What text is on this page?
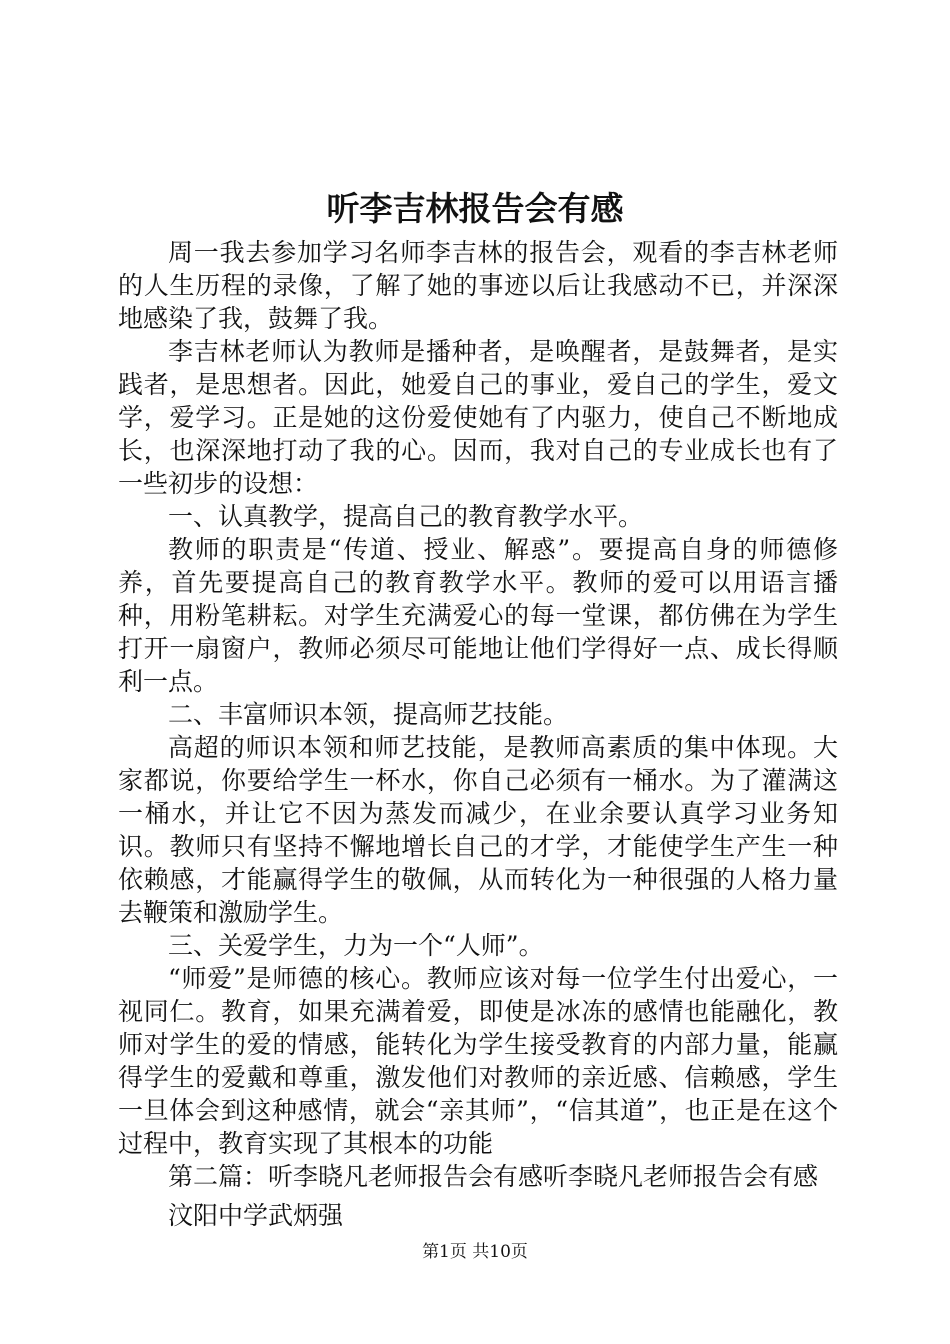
听李吉林报告会有感

周一我去参加学习名师李吉林的报告会，观看的李吉林老师的人生历程的录像，了解了她的事迹以后让我感动不已，并深深地感染了我，鼓舞了我。

李吉林老师认为教师是播种者，是唤醒者，是鼓舞者，是实践者，是思想者。因此，她爱自己的事业，爱自己的学生，爱文学，爱学习。正是她的这份爱使她有了内驱力，使自己不断地成长，也深深地打动了我的心。因而，我对自己的专业成长也有了一些初步的设想：

一、认真教学，提高自己的教育教学水平。

教师的职责是“传道、授业、解惑”。要提高自身的师德修养，首先要提高自己的教育教学水平。教师的爱可以用语言播种，用粉笔耕耘。对学生充满爱心的每一堂课，都仿佛在为学生打开一扇窗户，教师必须尽可能地让他们学得好一点、成长得顺利一点。

二、丰富师识本领，提高师艺技能。

高超的师识本领和师艺技能，是教师高素质的集中体现。大家都说，你要给学生一杯水，你自己必须有一桶水。为了灌满这一桶水，并让它不因为蒸发而减少，在业余要认真学习业务知识。教师只有坚持不懈地增长自己的才学，才能使学生产生一种依赖感，才能赢得学生的敬佩，从而转化为一种很强的人格力量去鞭策和激励学生。

三、关爱学生，力为一个“人师”。

“师爱”是师德的核心。教师应该对每一位学生付出爱心，一视同仁。教育，如果充满着爱，即使是冰冻的感情也能融化，教师对学生的爱的情感，能转化为学生接受教育的内部力量，能赢得学生的爱戴和尊重，激发他们对教师的亲近感、信赖感，学生一旦体会到这种感情，就会“亲其师”，“信其道”，也正是在这个过程中，教育实现了其根本的功能

第二篇：听李晓凡老师报告会有感听李晓凡老师报告会有感

汶阳中学武炳强

第1页 共10页
